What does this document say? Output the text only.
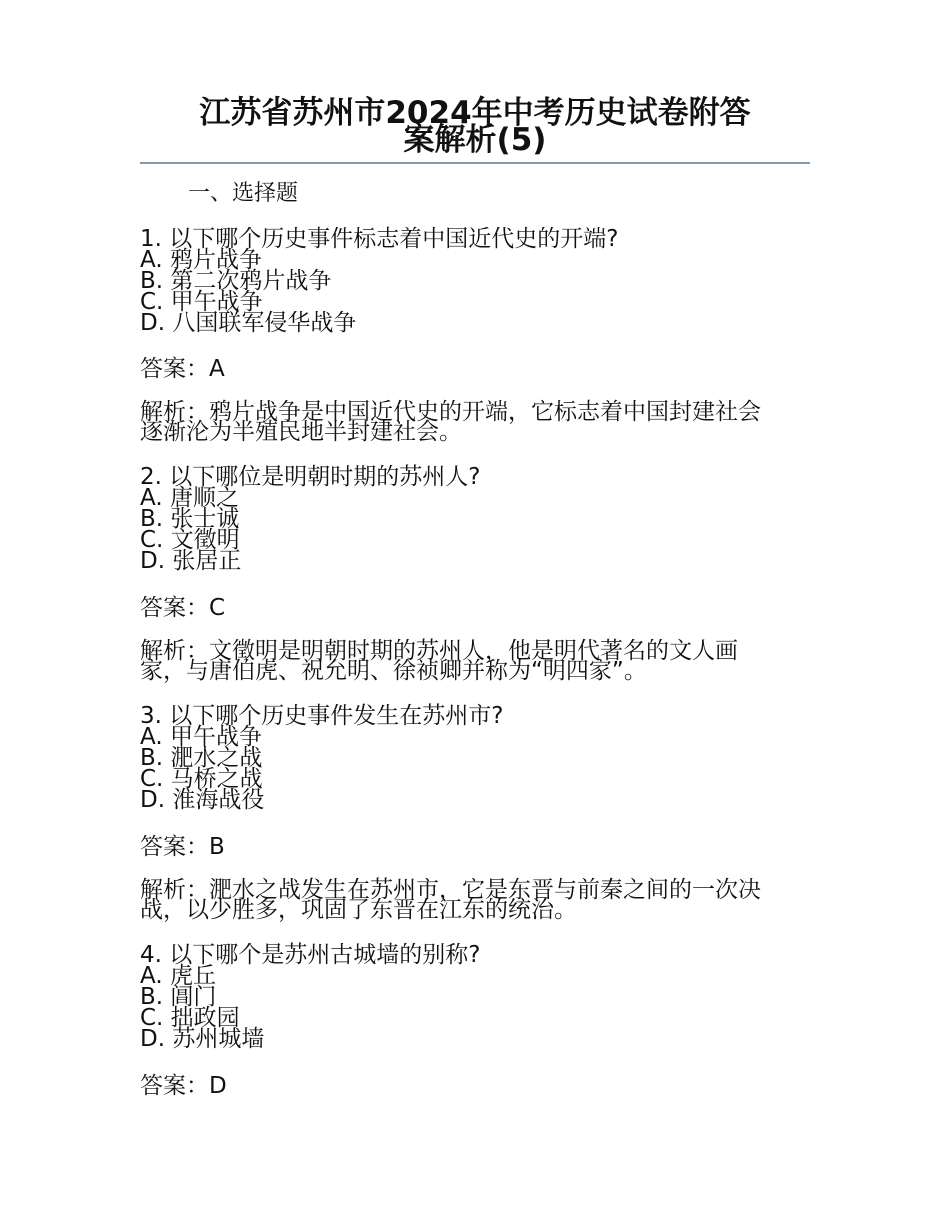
江苏省苏州市2024年中考历史试卷附答
案解析(5)
一、选择题
1. 以下哪个历史事件标志着中国近代史的开端?
A. 鸦片战争
B. 第二次鸦片战争
C. 甲午战争
D. 八国联军侵华战争
答案：A
解析：鸦片战争是中国近代史的开端，它标志着中国封建社会
逐渐沦为半殖民地半封建社会。
2. 以下哪位是明朝时期的苏州人?
A. 唐顺之
B. 张士诚
C. 文徵明
D. 张居正
答案：C
解析：文徵明是明朝时期的苏州人，他是明代著名的文人画
家，与唐伯虎、祝允明、徐祯卿并称为“明四家”。
3. 以下哪个历史事件发生在苏州市?
A. 甲午战争
B. 淝水之战
C. 马桥之战
D. 淮海战役
答案：B
解析：淝水之战发生在苏州市，它是东晋与前秦之间的一次决
战，以少胜多，巩固了东晋在江东的统治。
4. 以下哪个是苏州古城墙的别称?
A. 虎丘
B. 阊门
C. 拙政园
D. 苏州城墙
答案：D
